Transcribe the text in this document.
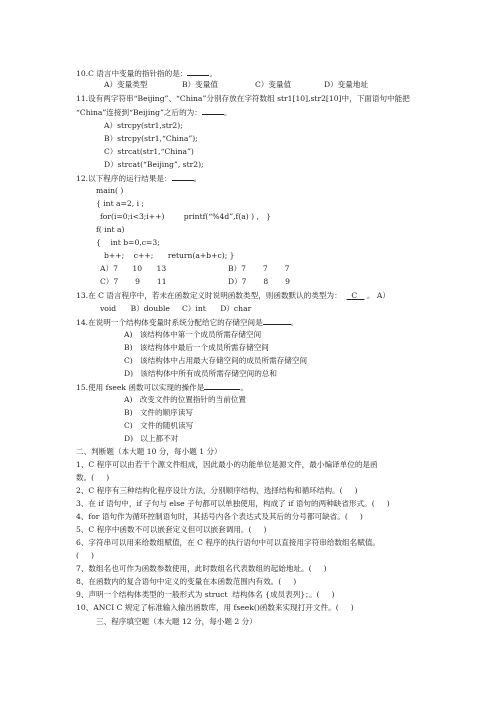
10.C 语言中变量的指针指的是：	。
A）变量类型	B）变量值	C）变量值	D）变量地址
11.设有两字符串“Beijing”、“China”分别存放在字符数组 str1[10],str2[10]中，下面语句中能把
“China”连接到“Beijing”之后的为：	。
A）strcpy(str1,str2);
B）strcpy(str1,“China”);
C）strcat(str1,“China”)
D）strcat(“Beijing”, str2);
12.以下程序的运行结果是：	。
main( )
{ int a=2, i ;
for(i=0;i<3;i++)        printf(“%4d”,f(a) ) ,   }
f( int a)
{    int b=0,c=3;
b++;    c++;      return(a+b+c); }
A）7      10      13	B）7       7       7
C）7       9       11	D）7       8       9
13.在 C 语言程序中，若未在函数定义时说明函数类型，则函数默认的类型为： C    。 A）
void      B）double     C）int      D）char
14.在说明一个结构体变量时系统分配给它的存储空间是	。
A)   该结构体中第一个成员所需存储空间
B)   该结构体中最后一个成员所需存储空间
C)   该结构体中占用最大存储空间的成员所需存储空间
D)   该结构体中所有成员所需存储空间的总和
15.使用 fseek 函数可以实现的操作是	。
A)   改变文件的位置指针的当前位置
B)   文件的顺序读写
C)   文件的随机读写
D)   以上都不对
二、判断题（本大题 10 分，每小题 1 分）
1、C 程序可以由若干个源文件组成，因此最小的功能单位是源文件，最小编译单位的是函
数。(     )
2、C 程序有三种结构化程序设计方法，分别顺序结构、选择结构和循环结构。(     )
3、在 if 语句中，if 子句与 else 子句都可以单独使用，构成了 if 语句的两种缺省形式。(     )
4、for 语句作为循环控制语句时，其括号内各个表达式及其后的分号都可缺省。(     )
5、C 程序中函数不可以嵌套定义但可以嵌套调用。(     )
6、字符串可以用来给数组赋值，在 C 程序的执行语句中可以直接用字符串给数组名赋值。
(     )
7、数组名也可作为函数参数使用，此时数组名代表数组的起始地址。(     )
8、在函数内的复合语句中定义的变量在本函数范围内有效。(     )
9、声明一个结构体类型的一般形式为 struct  结构体名 {成员表列}；。(     )
10、ANCI C 规定了标准输入输出函数库，用 fseek()函数来实现打开文件。(     )
三、程序填空题（本大题 12 分，每小题 2 分）
